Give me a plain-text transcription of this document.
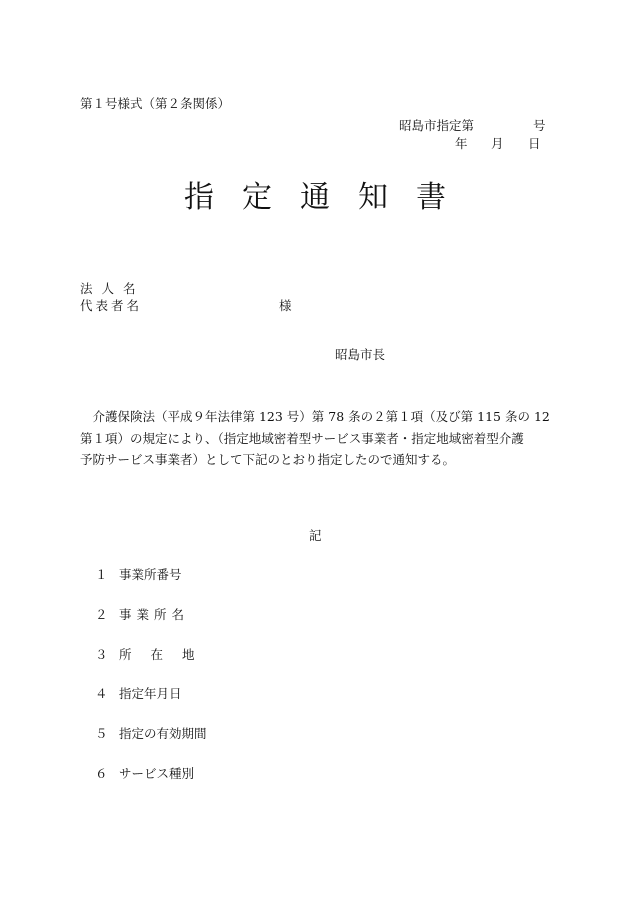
第１号様式（第２条関係）
昭島市指定第	号
年 月 日
指定通知書
法人名
代表者名	様
昭島市長
　介護保険法（平成９年法律第 123 号）第 78 条の２第１項（及び第 115 条の 12
第１項）の規定により、（指定地域密着型サービス事業者・指定地域密着型介護
予防サービス事業者）として下記のとおり指定したので通知する。
記
１ 事業所番号
２ 事業所名
３ 所在地
４ 指定年月日
５ 指定の有効期間
６ サービス種別
